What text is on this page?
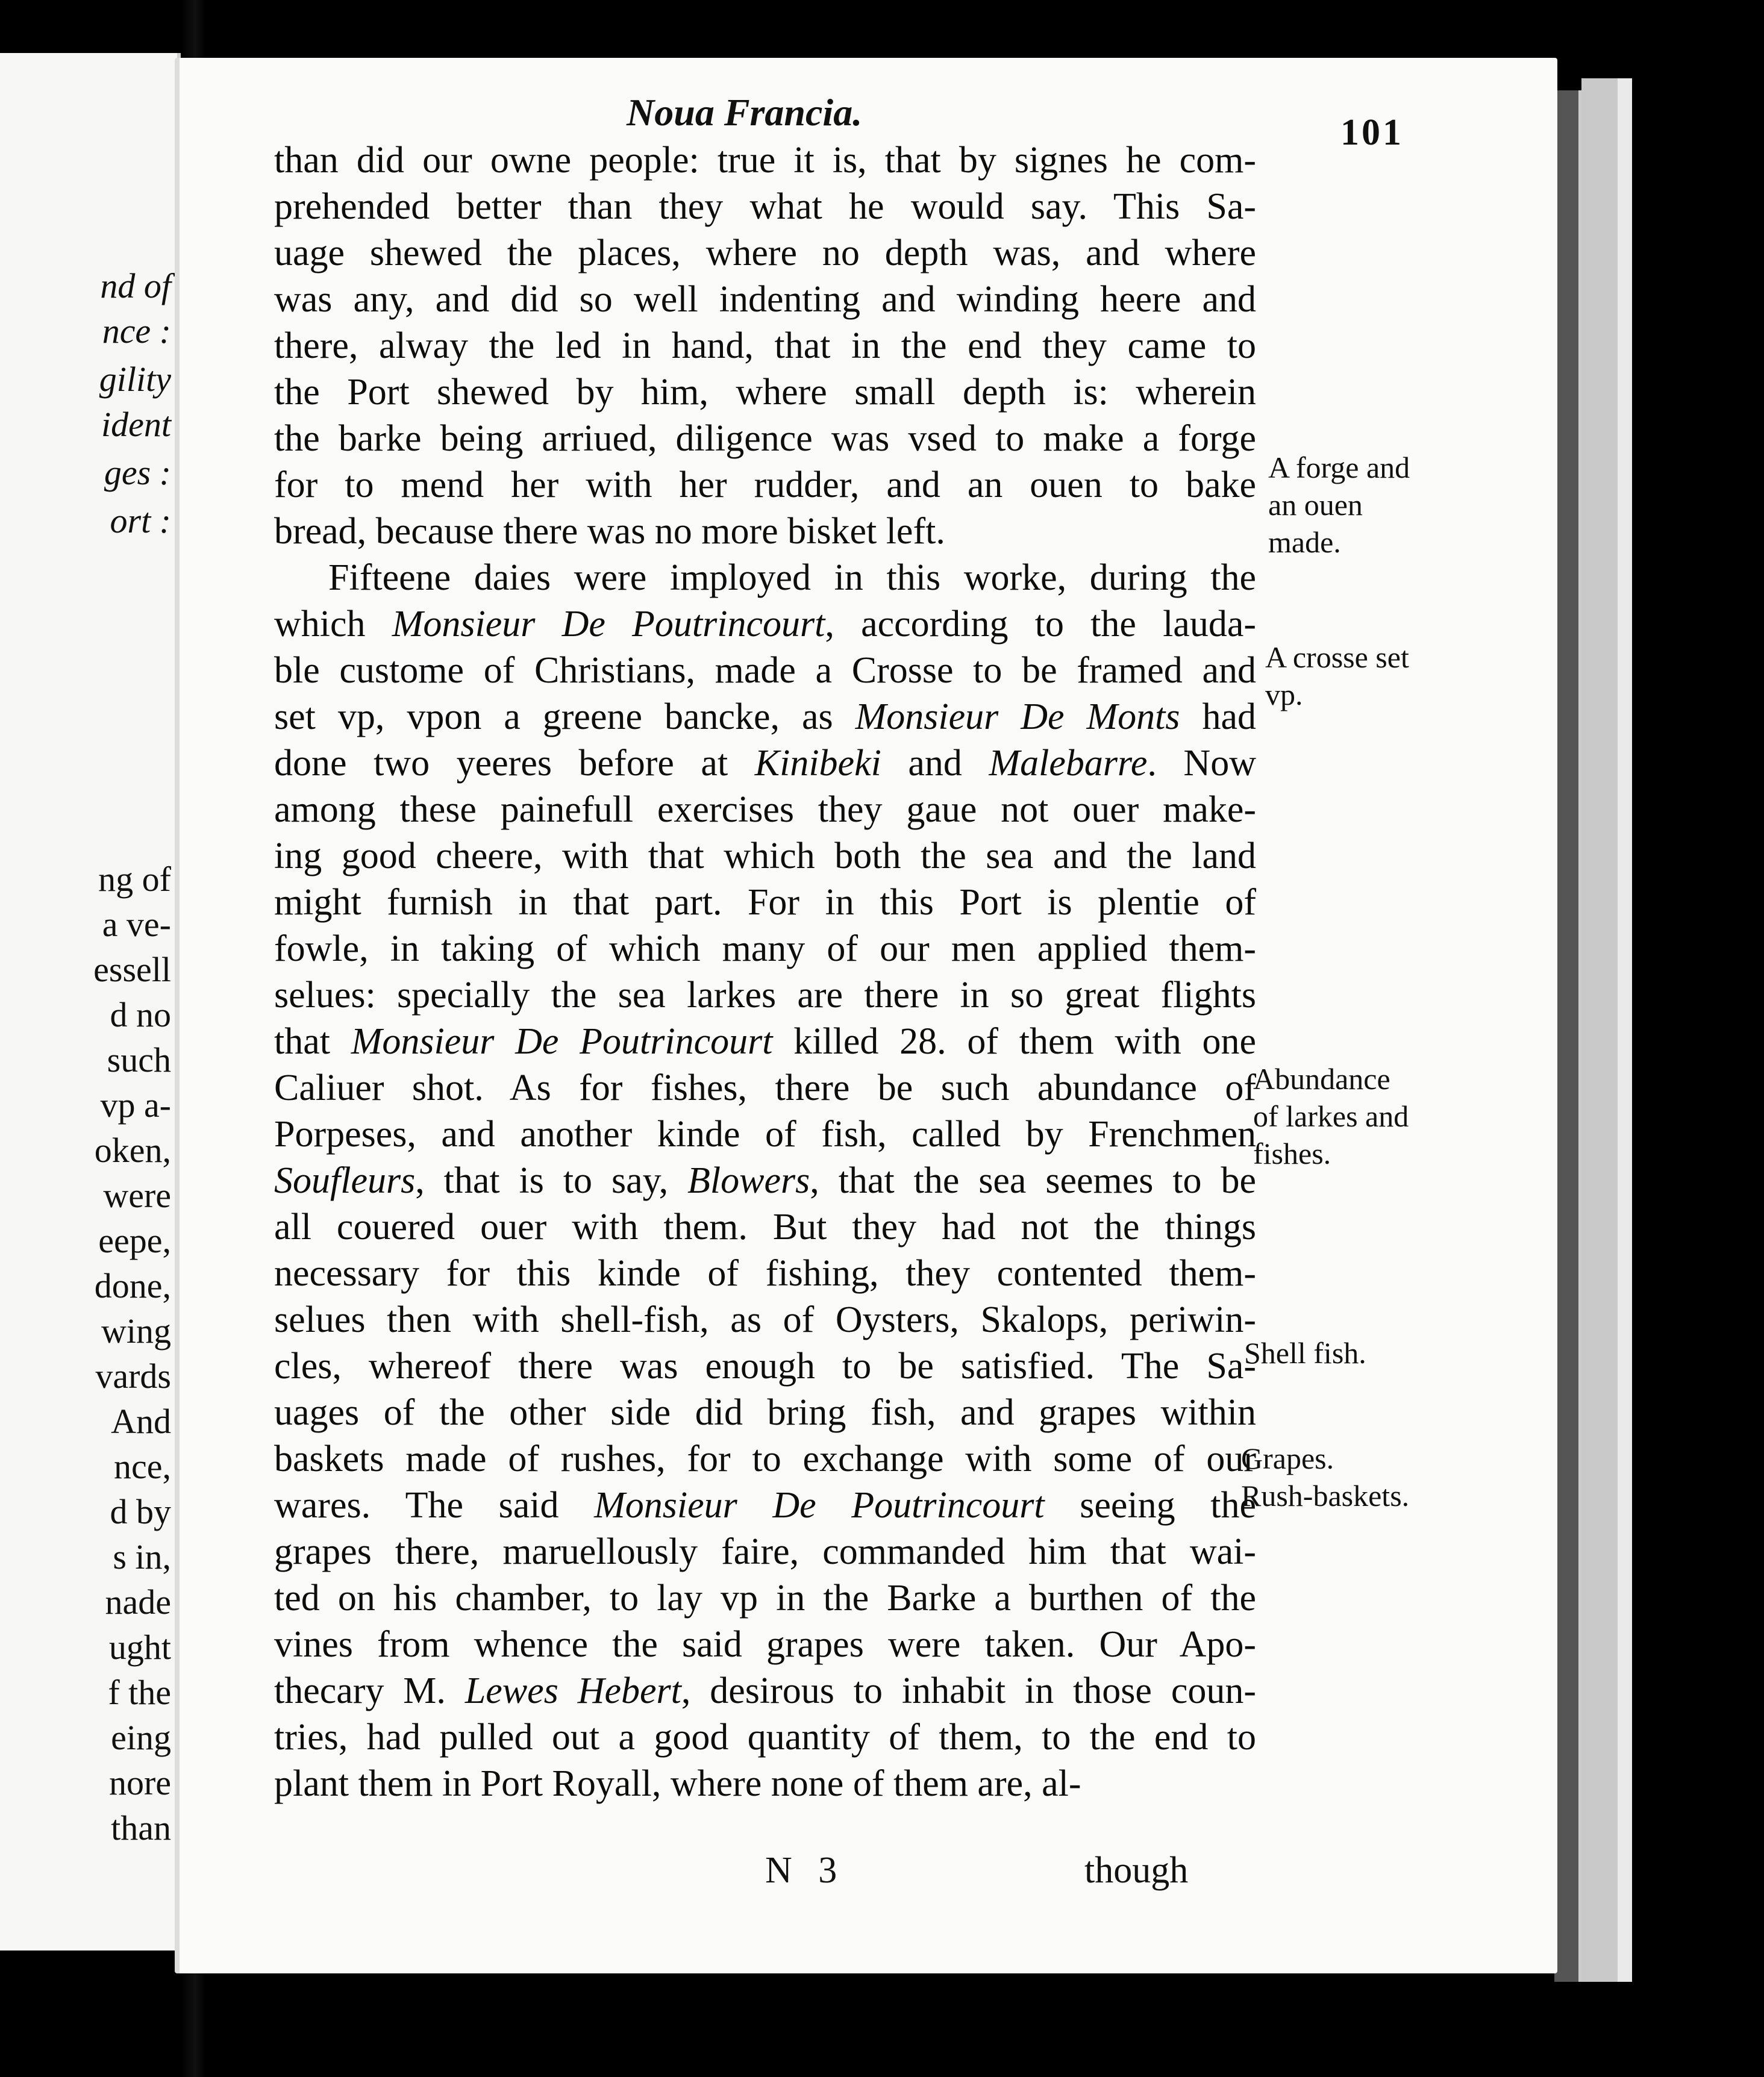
nd of
nce :
gility
ident
ges :
ort :
ng of
a ve-
essell
d no
such
vp a-
oken,
were
eepe,
done,
wing
vards
And
nce,
d by
s in,
nade
ught
f the
eing
nore
than
Noua Francia.	101
than did our owne people: true it is, that by signes he com-
prehended better than they what he would say. This Sa-
uage shewed the places, where no depth was, and where
was any, and did so well indenting and winding heere and
there, alway the led in hand, that in the end they came to
the Port shewed by him, where small depth is: wherein
the barke being arriued, diligence was vsed to make a forge
for to mend her with her rudder, and an ouen to bake
bread, because there was no more bisket left.
Fifteene daies were imployed in this worke, during the
which Monsieur De Poutrincourt, according to the lauda-
ble custome of Christians, made a Crosse to be framed and
set vp, vpon a greene bancke, as Monsieur De Monts had
done two yeeres before at Kinibeki and Malebarre. Now
among these painefull exercises they gaue not ouer make-
ing good cheere, with that which both the sea and the land
might furnish in that part. For in this Port is plentie of
fowle, in taking of which many of our men applied them-
selues: specially the sea larkes are there in so great flights
that Monsieur De Poutrincourt killed 28. of them with one
Caliuer shot. As for fishes, there be such abundance of
Porpeses, and another kinde of fish, called by Frenchmen
Soufleurs, that is to say, Blowers, that the sea seemes to be
all couered ouer with them. But they had not the things
necessary for this kinde of fishing, they contented them-
selues then with shell-fish, as of Oysters, Skalops, periwin-
cles, whereof there was enough to be satisfied. The Sa-
uages of the other side did bring fish, and grapes within
baskets made of rushes, for to exchange with some of our
wares. The said Monsieur De Poutrincourt seeing the
grapes there, maruellously faire, commanded him that wai-
ted on his chamber, to lay vp in the Barke a burthen of the
vines from whence the said grapes were taken. Our Apo-
thecary M. Lewes Hebert, desirous to inhabit in those coun-
tries, had pulled out a good quantity of them, to the end to
plant them in Port Royall, where none of them are, al-
A forge and
an ouen
made.
A crosse set
vp.
Abundance
of larkes and
fishes.
Shell fish.
Grapes.
Rush-baskets.
N 3	though
